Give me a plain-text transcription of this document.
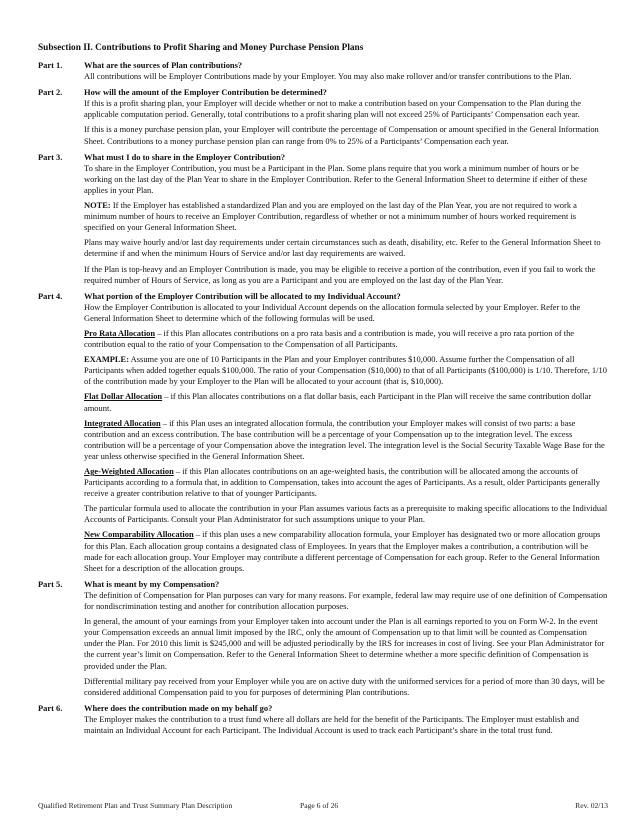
Subsection II. Contributions to Profit Sharing and Money Purchase Pension Plans
Part 1.	What are the sources of Plan contributions?

All contributions will be Employer Contributions made by your Employer. You may also make rollover and/or transfer contributions to the Plan.

Part 2.	How will the amount of the Employer Contribution be determined?

If this is a profit sharing plan, your Employer will decide whether or not to make a contribution based on your Compensation to the Plan during the applicable computation period. Generally, total contributions to a profit sharing plan will not exceed 25% of Participants’ Compensation each year.

If this is a money purchase pension plan, your Employer will contribute the percentage of Compensation or amount specified in the General Information Sheet. Contributions to a money purchase pension plan can range from 0% to 25% of a Participants’ Compensation each year.

Part 3.	What must I do to share in the Employer Contribution?

To share in the Employer Contribution, you must be a Participant in the Plan. Some plans require that you work a minimum number of hours or be working on the last day of the Plan Year to share in the Employer Contribution. Refer to the General Information Sheet to determine if either of these applies in your Plan.

NOTE: If the Employer has established a standardized Plan and you are employed on the last day of the Plan Year, you are not required to work a minimum number of hours to receive an Employer Contribution, regardless of whether or not a minimum number of hours worked requirement is specified on your General Information Sheet.

Plans may waive hourly and/or last day requirements under certain circumstances such as death, disability, etc. Refer to the General Information Sheet to determine if and when the minimum Hours of Service and/or last day requirements are waived.

If the Plan is top-heavy and an Employer Contribution is made, you may be eligible to receive a portion of the contribution, even if you fail to work the required number of Hours of Service, as long as you are a Participant and you are employed on the last day of the Plan Year.

Part 4.	What portion of the Employer Contribution will be allocated to my Individual Account?

How the Employer Contribution is allocated to your Individual Account depends on the allocation formula selected by your Employer. Refer to the General Information Sheet to determine which of the following formulas will be used.

Pro Rata Allocation – if this Plan allocates contributions on a pro rata basis and a contribution is made, you will receive a pro rata portion of the contribution equal to the ratio of your Compensation to the Compensation of all Participants.

EXAMPLE: Assume you are one of 10 Participants in the Plan and your Employer contributes $10,000. Assume further the Compensation of all Participants when added together equals $100,000. The ratio of your Compensation ($10,000) to that of all Participants ($100,000) is 1/10. Therefore, 1/10 of the contribution made by your Employer to the Plan will be allocated to your account (that is, $10,000).

Flat Dollar Allocation – if this Plan allocates contributions on a flat dollar basis, each Participant in the Plan will receive the same contribution dollar amount.

Integrated Allocation – if this Plan uses an integrated allocation formula, the contribution your Employer makes will consist of two parts: a base contribution and an excess contribution. The base contribution will be a percentage of your Compensation up to the integration level. The excess contribution will be a percentage of your Compensation above the integration level. The integration level is the Social Security Taxable Wage Base for the year unless otherwise specified in the General Information Sheet.

Age-Weighted Allocation – if this Plan allocates contributions on an age-weighted basis, the contribution will be allocated among the accounts of Participants according to a formula that, in addition to Compensation, takes into account the ages of Participants. As a result, older Participants generally receive a greater contribution relative to that of younger Participants.

The particular formula used to allocate the contribution in your Plan assumes various facts as a prerequisite to making specific allocations to the Individual Accounts of Participants. Consult your Plan Administrator for such assumptions unique to your Plan.

New Comparability Allocation – if this plan uses a new comparability allocation formula, your Employer has designated two or more allocation groups for this Plan. Each allocation group contains a designated class of Employees. In years that the Employer makes a contribution, a contribution will be made for each allocation group. Your Employer may contribute a different percentage of Compensation for each group. Refer to the General Information Sheet for a description of the allocation groups.

Part 5.	What is meant by my Compensation?

The definition of Compensation for Plan purposes can vary for many reasons. For example, federal law may require use of one definition of Compensation for nondiscrimination testing and another for contribution allocation purposes.

In general, the amount of your earnings from your Employer taken into account under the Plan is all earnings reported to you on Form W-2. In the event your Compensation exceeds an annual limit imposed by the IRC, only the amount of Compensation up to that limit will be counted as Compensation under the Plan. For 2010 this limit is $245,000 and will be adjusted periodically by the IRS for increases in cost of living. See your Plan Administrator for the current year’s limit on Compensation. Refer to the General Information Sheet to determine whether a more specific definition of Compensation is provided under the Plan.

Differential military pay received from your Employer while you are on active duty with the uniformed services for a period of more than 30 days, will be considered additional Compensation paid to you for purposes of determining Plan contributions.

Part 6.	Where does the contribution made on my behalf go?

The Employer makes the contribution to a trust fund where all dollars are held for the benefit of the Participants. The Employer must establish and maintain an Individual Account for each Participant. The Individual Account is used to track each Participant’s share in the total trust fund.

Qualified Retirement Plan and Trust Summary Plan Description	Page 6 of 26	Rev. 02/13
